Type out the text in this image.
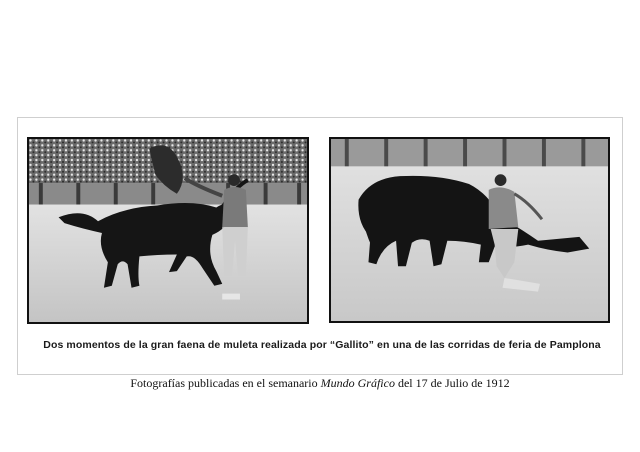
Dos momentos de la gran faena de muleta realizada por “Gallito” en una de las corridas de feria de Pamplona
Fotografías publicadas en el semanario Mundo Gráfico del 17 de Julio de 1912
